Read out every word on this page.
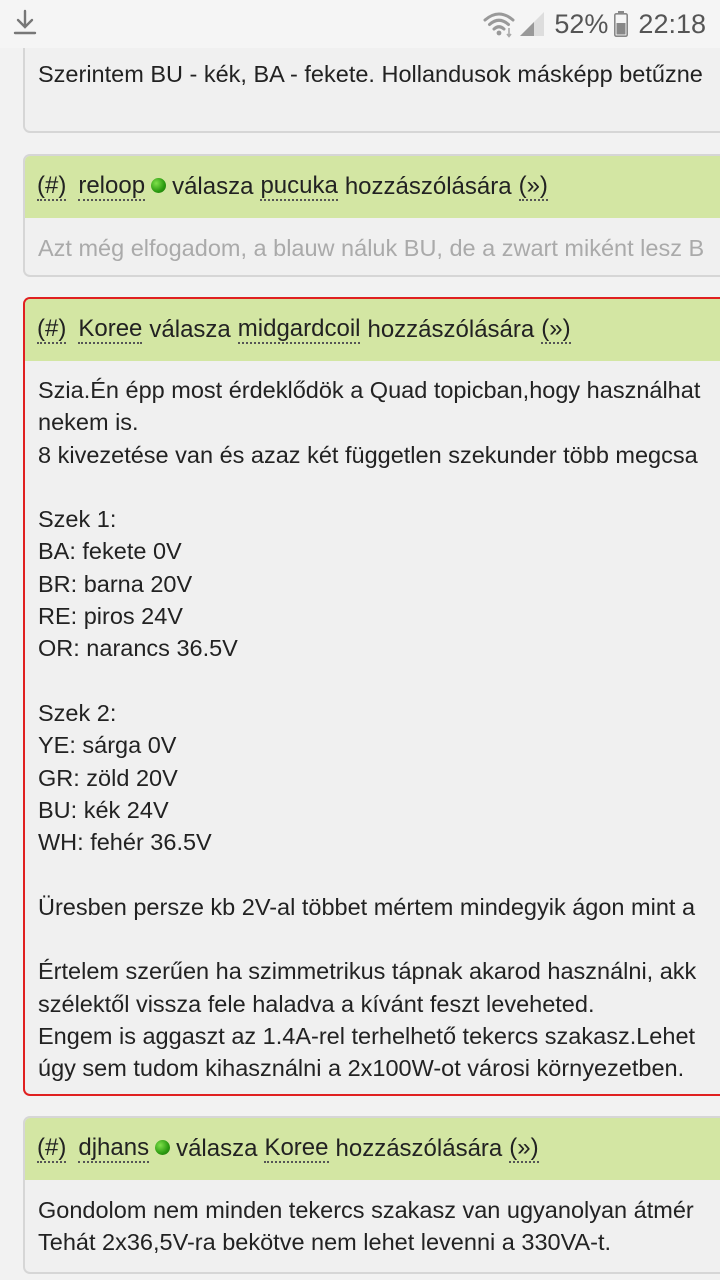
Szerintem BU - kék, BA - fekete. Hollandusok másképp betűzne
(#) reloop válasza pucuka hozzászólására (»)
Azt még elfogadom, a blauw náluk BU, de a zwart miként lesz B
(#) Koree válasza midgardcoil hozzászólására (»)
Szia.Én épp most érdeklődök a Quad topicban,hogy használhat
nekem is.
8 kivezetése van és azaz két független szekunder több megcsa
Szek 1:
BA: fekete 0V
BR: barna 20V
RE: piros 24V
OR: narancs 36.5V
Szek 2:
YE: sárga 0V
GR: zöld 20V
BU: kék 24V
WH: fehér 36.5V
Üresben persze kb 2V-al többet mértem mindegyik ágon mint a
Értelem szerűen ha szimmetrikus tápnak akarod használni, akk
szélektől vissza fele haladva a kívánt feszt leveheted.
Engem is aggaszt az 1.4A-rel terhelhető tekercs szakasz.Lehet
úgy sem tudom kihasználni a 2x100W-ot városi környezetben.
(#) djhans válasza Koree hozzászólására (»)
Gondolom nem minden tekercs szakasz van ugyanolyan átmér
Tehát 2x36,5V-ra bekötve nem lehet levenni a 330VA-t.
52% 22:18
